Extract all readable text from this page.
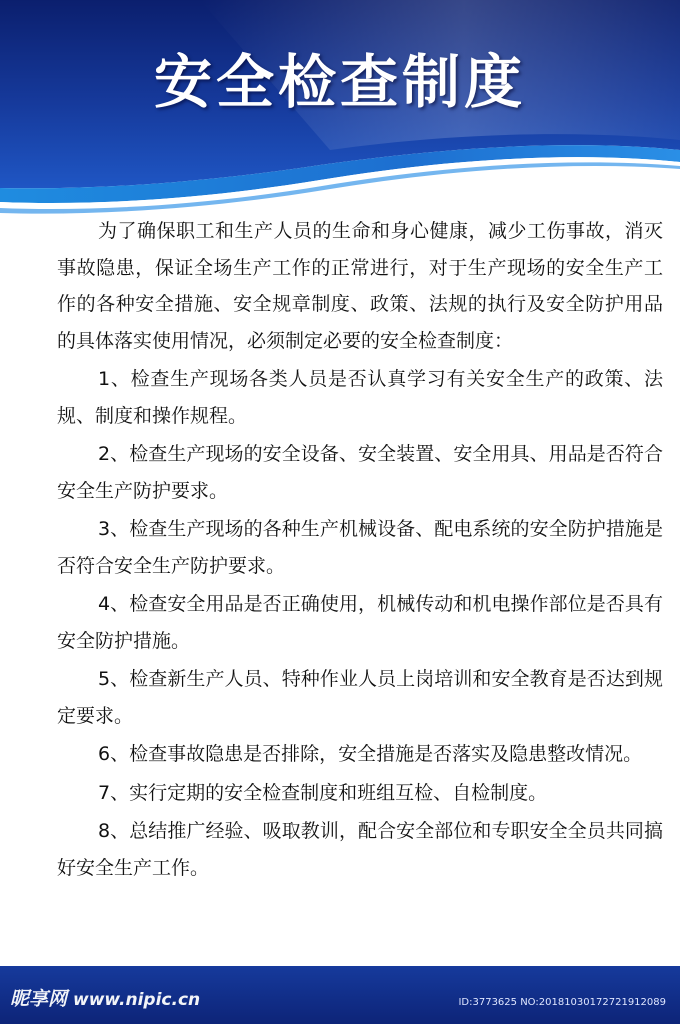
安全检查制度

为了确保职工和生产人员的生命和身心健康，减少工伤事故，消灭事故隐患，保证全场生产工作的正常进行，对于生产现场的安全生产工作的各种安全措施、安全规章制度、政策、法规的执行及安全防护用品的具体落实使用情况，必须制定必要的安全检查制度：

1、检查生产现场各类人员是否认真学习有关安全生产的政策、法规、制度和操作规程。

2、检查生产现场的安全设备、安全装置、安全用具、用品是否符合安全生产防护要求。

3、检查生产现场的各种生产机械设备、配电系统的安全防护措施是否符合安全生产防护要求。

4、检查安全用品是否正确使用，机械传动和机电操作部位是否具有安全防护措施。

5、检查新生产人员、特种作业人员上岗培训和安全教育是否达到规定要求。

6、检查事故隐患是否排除，安全措施是否落实及隐患整改情况。

7、实行定期的安全检查制度和班组互检、自检制度。

8、总结推广经验、吸取教训，配合安全部位和专职安全全员共同搞好安全生产工作。

昵享网 www.nipic.cn	ID:3773625 NO:20181030172721912089
